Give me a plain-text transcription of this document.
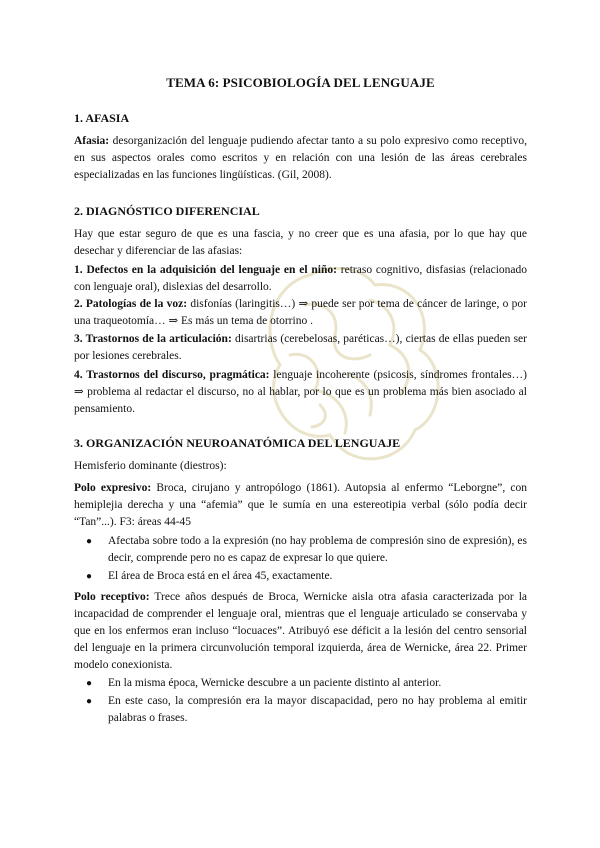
TEMA 6: PSICOBIOLOGÍA DEL LENGUAJE
1. AFASIA
Afasia: desorganización del lenguaje pudiendo afectar tanto a su polo expresivo como receptivo, en sus aspectos orales como escritos y en relación con una lesión de las áreas cerebrales especializadas en las funciones lingüísticas. (Gil, 2008).
2. DIAGNÓSTICO DIFERENCIAL
Hay que estar seguro de que es una fascia, y no creer que es una afasia, por lo que hay que desechar y diferenciar de las afasias:
1. Defectos en la adquisición del lenguaje en el niño: retraso cognitivo, disfasias (relacionado con lenguaje oral), dislexias del desarrollo.
2. Patologías de la voz: disfonías (laringitis…) ⇒ puede ser por tema de cáncer de laringe, o por una traqueotomía… ⇒ Es más un tema de otorrino .
3. Trastornos de la articulación: disartrias (cerebelosas, paréticas…), ciertas de ellas pueden ser por lesiones cerebrales.
4. Trastornos del discurso, pragmática: lenguaje incoherente (psicosis, síndromes frontales…) ⇒ problema al redactar el discurso, no al hablar, por lo que es un problema más bien asociado al pensamiento.
3. ORGANIZACIÓN NEUROANATÓMICA DEL LENGUAJE
Hemisferio dominante (diestros):
Polo expresivo: Broca, cirujano y antropólogo (1861). Autopsia al enfermo “Leborgne”, con hemiplejia derecha y una “afemia” que le sumía en una estereotipia verbal (sólo podía decir “Tan”...). F3: áreas 44-45
●	Afectaba sobre todo a la expresión (no hay problema de compresión sino de expresión), es decir, comprende pero no es capaz de expresar lo que quiere.
●	El área de Broca está en el área 45, exactamente.
Polo receptivo: Trece años después de Broca, Wernicke aisla otra afasia caracterizada por la incapacidad de comprender el lenguaje oral, mientras que el lenguaje articulado se conservaba y que en los enfermos eran incluso “locuaces”. Atribuyó ese déficit a la lesión del centro sensorial del lenguaje en la primera circunvolución temporal izquierda, área de Wernicke, área 22. Primer modelo conexionista.
●	En la misma época, Wernicke descubre a un paciente distinto al anterior.
●	En este caso, la compresión era la mayor discapacidad, pero no hay problema al emitir palabras o frases.
